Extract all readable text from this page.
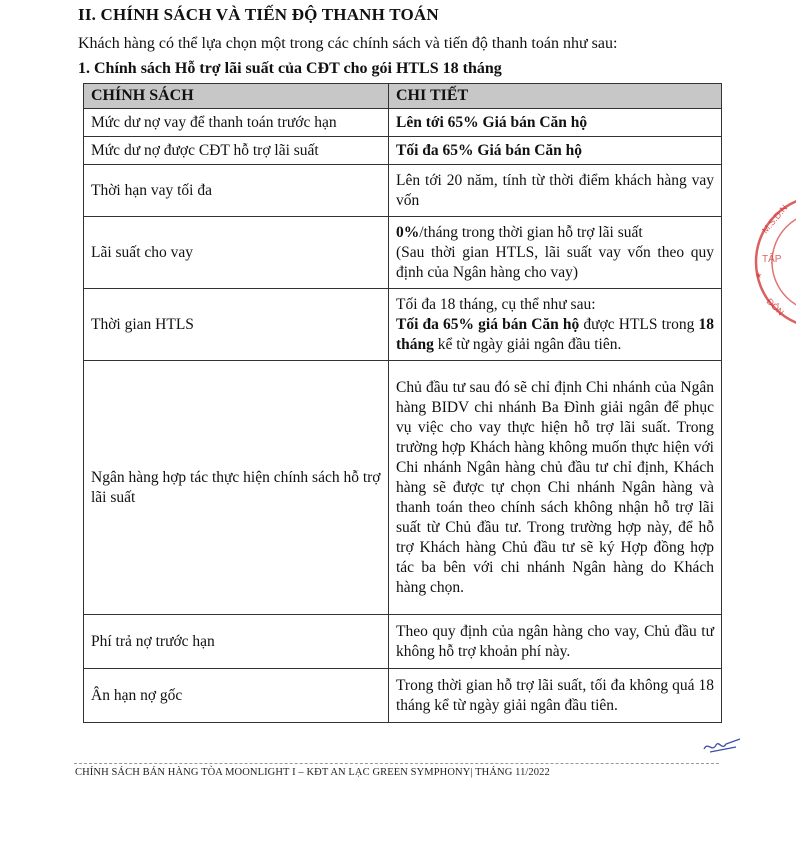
II. CHÍNH SÁCH VÀ TIẾN ĐỘ THANH TOÁN
Khách hàng có thể lựa chọn một trong các chính sách và tiến độ thanh toán như sau:
1. Chính sách Hỗ trợ lãi suất của CĐT cho gói HTLS 18 tháng
CHÍNH SÁCH	CHI TIẾT
Mức dư nợ vay để thanh toán trước hạn	Lên tới 65% Giá bán Căn hộ
Mức dư nợ được CĐT hỗ trợ lãi suất	Tối đa 65% Giá bán Căn hộ
Thời hạn vay tối đa	Lên tới 20 năm, tính từ thời điểm khách hàng vay vốn
Lãi suất cho vay	0%/tháng trong thời gian hỗ trợ lãi suất
(Sau thời gian HTLS, lãi suất vay vốn theo quy định của Ngân hàng cho vay)
Thời gian HTLS	Tối đa 18 tháng, cụ thể như sau:
Tối đa 65% giá bán Căn hộ được HTLS trong 18 tháng kể từ ngày giải ngân đầu tiên.
Ngân hàng hợp tác thực hiện chính sách hỗ trợ lãi suất	Chủ đầu tư sau đó sẽ chỉ định Chi nhánh của Ngân hàng BIDV chi nhánh Ba Đình giải ngân để phục vụ việc cho vay thực hiện hỗ trợ lãi suất. Trong trường hợp Khách hàng không muốn thực hiện với Chi nhánh Ngân hàng chủ đầu tư chỉ định, Khách hàng sẽ được tự chọn Chi nhánh Ngân hàng và thanh toán theo chính sách không nhận hỗ trợ lãi suất từ Chủ đầu tư. Trong trường hợp này, để hỗ trợ Khách hàng Chủ đầu tư sẽ ký Hợp đồng hợp tác ba bên với chi nhánh Ngân hàng do Khách hàng chọn.
Phí trả nợ trước hạn	Theo quy định của ngân hàng cho vay, Chủ đầu tư không hỗ trợ khoản phí này.
Ân hạn nợ gốc	Trong thời gian hỗ trợ lãi suất, tối đa không quá 18 tháng kể từ ngày giải ngân đầu tiên.
TẬP
M.S.D.N
ĐÔN
★
CHÍNH SÁCH BÁN HÀNG TÒA MOONLIGHT I – KĐT AN LẠC GREEN SYMPHONY| THÁNG 11/2022
